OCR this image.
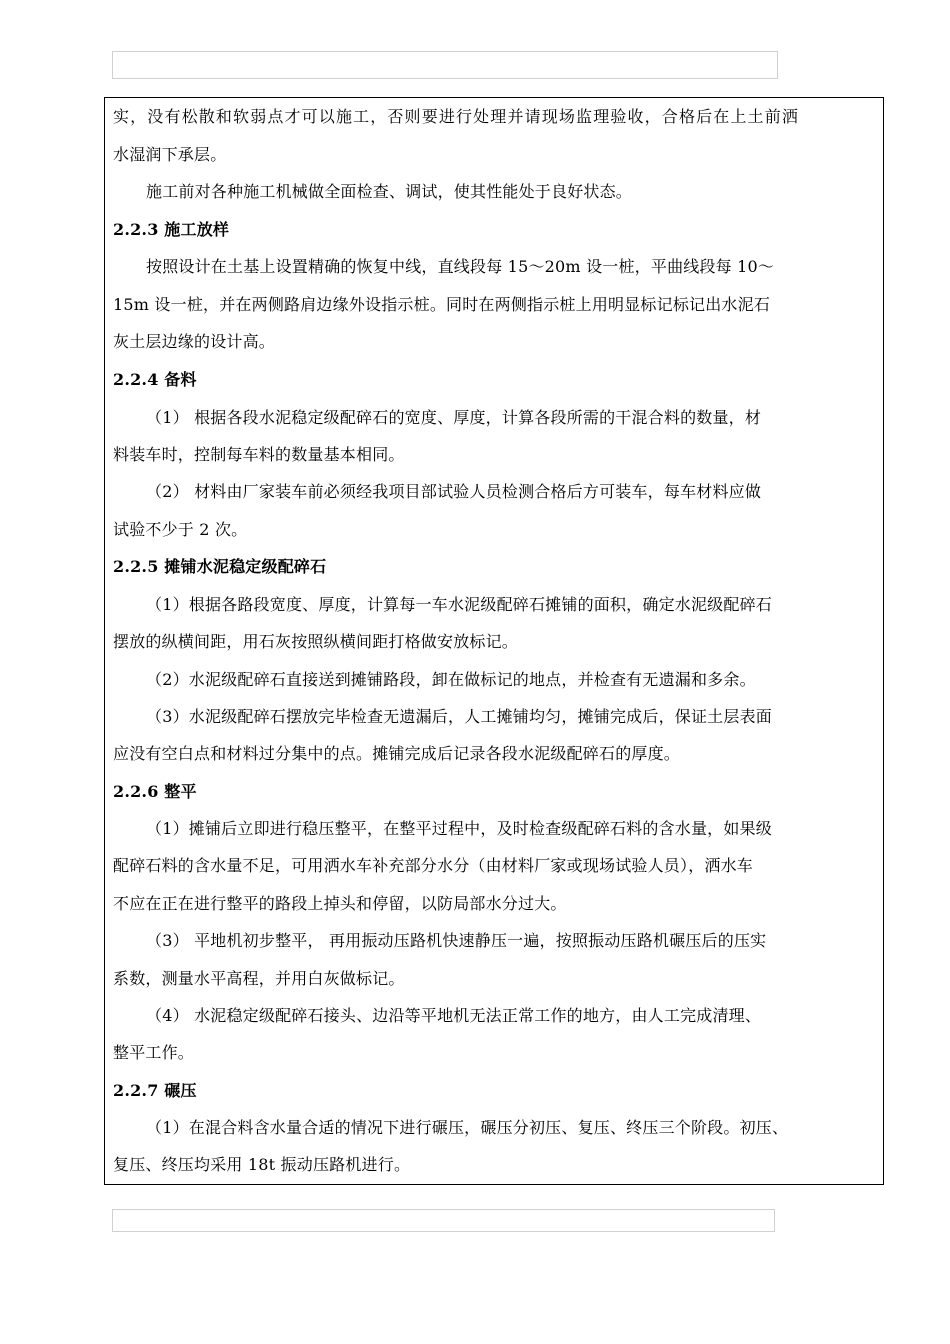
实，没有松散和软弱点才可以施工，否则要进行处理并请现场监理验收，合格后在上土前洒
水湿润下承层。
施工前对各种施工机械做全面检查、调试，使其性能处于良好状态。
2.2.3 施工放样
按照设计在土基上设置精确的恢复中线，直线段每 15～20m 设一桩，平曲线段每 10～
15m 设一桩，并在两侧路肩边缘外设指示桩。同时在两侧指示桩上用明显标记标记出水泥石
灰土层边缘的设计高。
2.2.4 备料
（1） 根据各段水泥稳定级配碎石的宽度、厚度，计算各段所需的干混合料的数量，材
料装车时，控制每车料的数量基本相同。
（2） 材料由厂家装车前必须经我项目部试验人员检测合格后方可装车，每车材料应做
试验不少于 2 次。
2.2.5 摊铺水泥稳定级配碎石
（1）根据各路段宽度、厚度，计算每一车水泥级配碎石摊铺的面积，确定水泥级配碎石
摆放的纵横间距，用石灰按照纵横间距打格做安放标记。
（2）水泥级配碎石直接送到摊铺路段，卸在做标记的地点，并检查有无遗漏和多余。
（3）水泥级配碎石摆放完毕检查无遗漏后，人工摊铺均匀，摊铺完成后，保证土层表面
应没有空白点和材料过分集中的点。摊铺完成后记录各段水泥级配碎石的厚度。
2.2.6 整平
（1）摊铺后立即进行稳压整平，在整平过程中，及时检查级配碎石料的含水量，如果级
配碎石料的含水量不足，可用洒水车补充部分水分（由材料厂家或现场试验人员），洒水车
不应在正在进行整平的路段上掉头和停留，以防局部水分过大。
（3） 平地机初步整平， 再用振动压路机快速静压一遍，按照振动压路机碾压后的压实
系数，测量水平高程，并用白灰做标记。
（4） 水泥稳定级配碎石接头、边沿等平地机无法正常工作的地方，由人工完成清理、
整平工作。
2.2.7 碾压
（1）在混合料含水量合适的情况下进行碾压，碾压分初压、复压、终压三个阶段。初压、
复压、终压均采用 18t 振动压路机进行。
